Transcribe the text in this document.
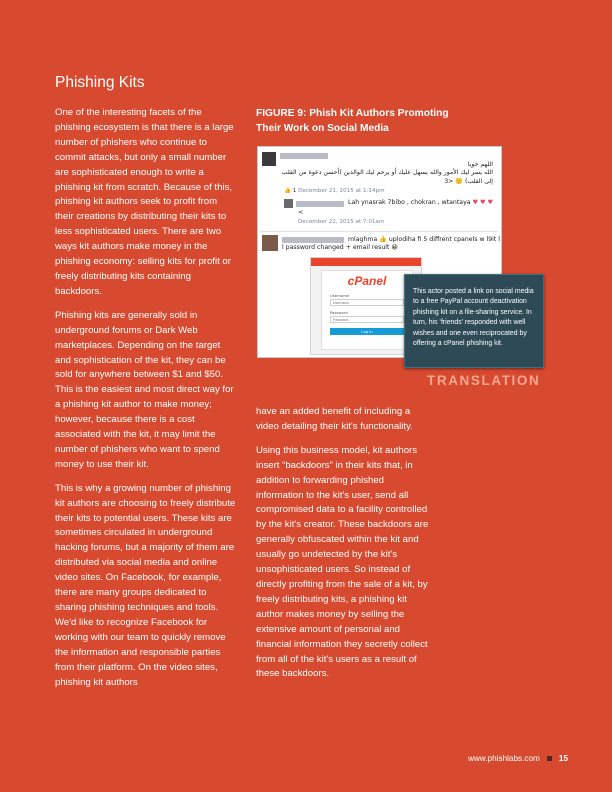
Phishing Kits

One of the interesting facets of the phishing ecosystem is that there is a large number of phishers who continue to commit attacks, but only a small number are sophisticated enough to write a phishing kit from scratch. Because of this, phishing kit authors seek to profit from their creations by distributing their kits to less sophisticated users. There are two ways kit authors make money in the phishing economy: selling kits for profit or freely distributing kits containing backdoors.

Phishing kits are generally sold in underground forums or Dark Web marketplaces. Depending on the target and sophistication of the kit, they can be sold for anywhere between $1 and $50. This is the easiest and most direct way for a phishing kit author to make money; however, because there is a cost associated with the kit, it may limit the number of phishers who want to spend money to use their kit.

This is why a growing number of phishing kit authors are choosing to freely distribute their kits to potential users. These kits are sometimes circulated in underground hacking forums, but a majority of them are distributed via social media and online video sites. On Facebook, for example, there are many groups dedicated to sharing phishing techniques and tools. We'd like to recognize Facebook for working with our team to quickly remove the information and responsible parties from their platform. On the video sites, phishing kit authors

FIGURE 9: Phish Kit Authors Promoting Their Work on Social Media
اللهم خويا
الله يسر ليك الأمور والله يسهل عليك أو يرحم ليك الوالدين (أحسن دعوة من القلب
إلى القلب) 🙂 <3
👍 1 December 21, 2015 at 1:14pm
Lah ynasrak 7bibo , chokran , wtantaya ♥ ♥ ♥
<
December 22, 2015 at 7:01am
mlaghma 👍 uplodiha fi 5 diffrent cpanels w l9it l l password changed + email result 😀
cPanel
Username
Username
Password
Password
Log in
This actor posted a link on social media to a free PayPal account deactivation phishing kit on a file-sharing service. In turn, his ‘friends’ responded with well wishes and one even reciprocated by offering a cPanel phishing kit.
TRANSLATION

have an added benefit of including a video detailing their kit's functionality.

Using this business model, kit authors insert “backdoors” in their kits that, in addition to forwarding phished information to the kit's user, send all compromised data to a facility controlled by the kit's creator. These backdoors are generally obfuscated within the kit and usually go undetected by the kit's unsophisticated users. So instead of directly profiting from the sale of a kit, by freely distributing kits, a phishing kit author makes money by selling the extensive amount of personal and financial information they secretly collect from all of the kit's users as a result of these backdoors.

www.phishlabs.com 15
